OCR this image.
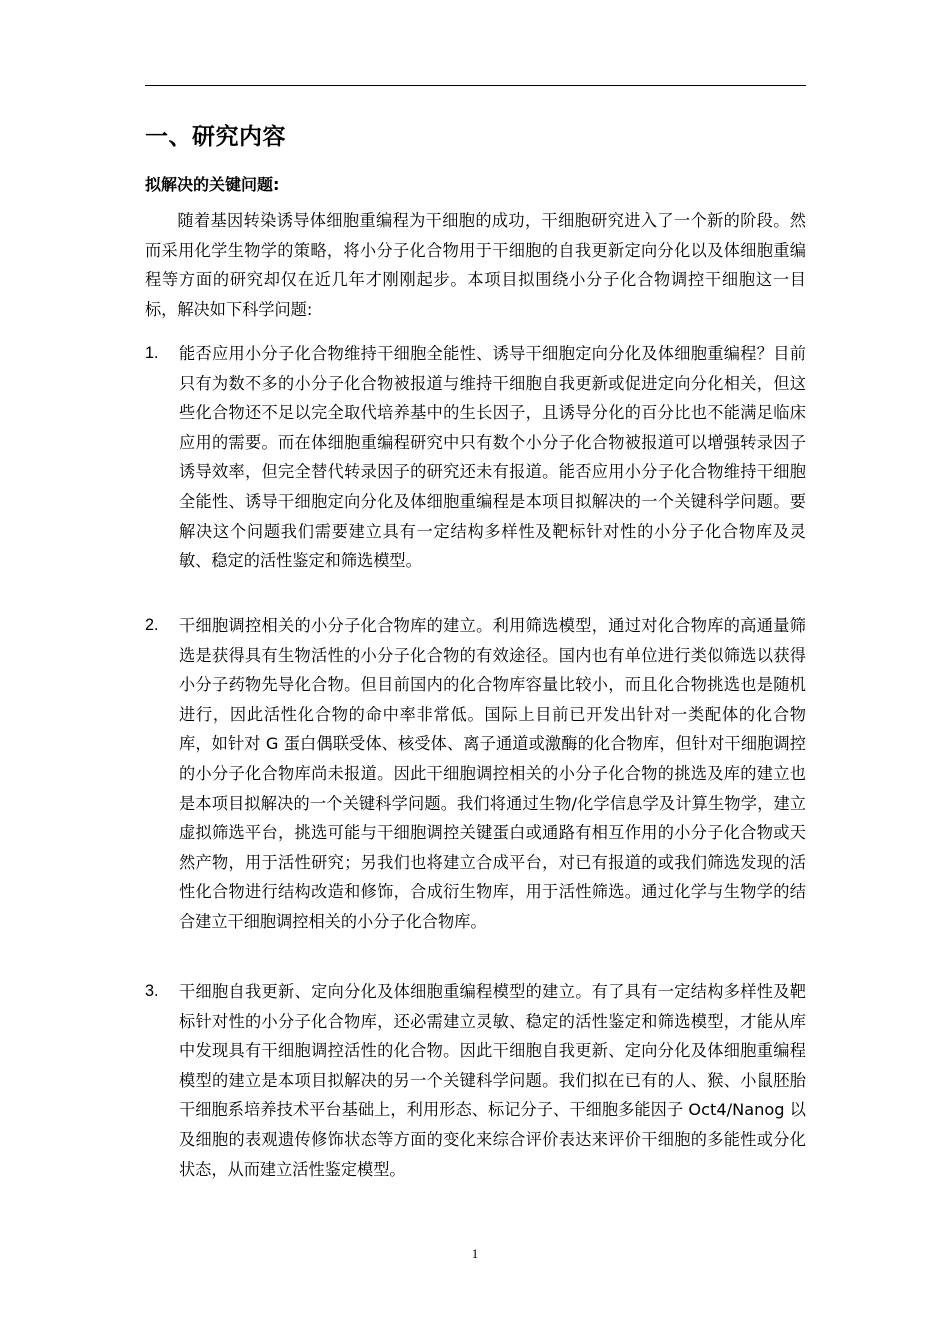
一、研究内容
拟解决的关键问题:

随着基因转染诱导体细胞重编程为干细胞的成功，干细胞研究进入了一个新的阶段。然而采用化学生物学的策略，将小分子化合物用于干细胞的自我更新定向分化以及体细胞重编程等方面的研究却仅在近几年才刚刚起步。本项目拟围绕小分子化合物调控干细胞这一目标，解决如下科学问题:

1. 能否应用小分子化合物维持干细胞全能性、诱导干细胞定向分化及体细胞重编程？目前只有为数不多的小分子化合物被报道与维持干细胞自我更新或促进定向分化相关，但这些化合物还不足以完全取代培养基中的生长因子，且诱导分化的百分比也不能满足临床应用的需要。而在体细胞重编程研究中只有数个小分子化合物被报道可以增强转录因子诱导效率，但完全替代转录因子的研究还未有报道。能否应用小分子化合物维持干细胞全能性、诱导干细胞定向分化及体细胞重编程是本项目拟解决的一个关键科学问题。要解决这个问题我们需要建立具有一定结构多样性及靶标针对性的小分子化合物库及灵敏、稳定的活性鉴定和筛选模型。
2. 干细胞调控相关的小分子化合物库的建立。利用筛选模型，通过对化合物库的高通量筛选是获得具有生物活性的小分子化合物的有效途径。国内也有单位进行类似筛选以获得小分子药物先导化合物。但目前国内的化合物库容量比较小，而且化合物挑选也是随机进行，因此活性化合物的命中率非常低。国际上目前已开发出针对一类配体的化合物库，如针对 G 蛋白偶联受体、核受体、离子通道或激酶的化合物库，但针对干细胞调控的小分子化合物库尚未报道。因此干细胞调控相关的小分子化合物的挑选及库的建立也是本项目拟解决的一个关键科学问题。我们将通过生物/化学信息学及计算生物学，建立虚拟筛选平台，挑选可能与干细胞调控关键蛋白或通路有相互作用的小分子化合物或天然产物，用于活性研究；另我们也将建立合成平台，对已有报道的或我们筛选发现的活性化合物进行结构改造和修饰，合成衍生物库，用于活性筛选。通过化学与生物学的结合建立干细胞调控相关的小分子化合物库。
3. 干细胞自我更新、定向分化及体细胞重编程模型的建立。有了具有一定结构多样性及靶标针对性的小分子化合物库，还必需建立灵敏、稳定的活性鉴定和筛选模型，才能从库中发现具有干细胞调控活性的化合物。因此干细胞自我更新、定向分化及体细胞重编程模型的建立是本项目拟解决的另一个关键科学问题。我们拟在已有的人、猴、小鼠胚胎干细胞系培养技术平台基础上，利用形态、标记分子、干细胞多能因子 Oct4/Nanog 以及细胞的表观遗传修饰状态等方面的变化来综合评价表达来评价干细胞的多能性或分化状态，从而建立活性鉴定模型。
1
